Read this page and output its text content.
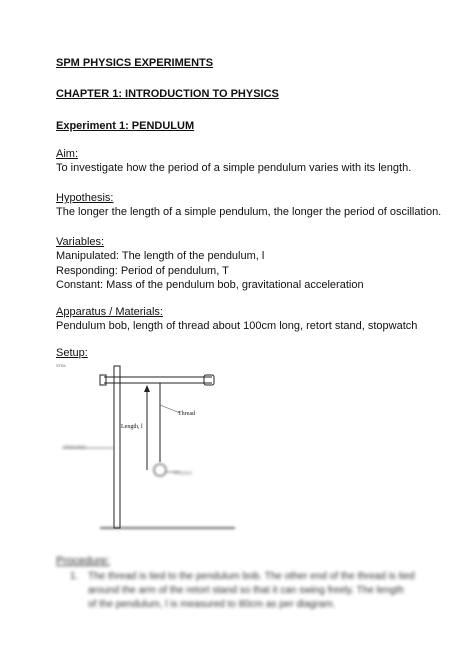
SPM PHYSICS EXPERIMENTS
CHAPTER 1: INTRODUCTION TO PHYSICS
Experiment 1: PENDULUM
Aim:
To investigate how the period of a simple pendulum varies with its length.
Hypothesis:
The longer the length of a simple pendulum, the longer the period of oscillation.
Variables:
Manipulated: The length of the pendulum, l
Responding: Period of pendulum, T
Constant: Mass of the pendulum bob, gravitational acceleration
Apparatus / Materials:
Pendulum bob, length of thread about 100cm long, retort stand, stopwatch
Setup:
STB1
Thread
Length, l
Retort stand
Pendulum
Procedure:
1. The thread is tied to the pendulum bob. The other end of the thread is tied
around the arm of the retort stand so that it can swing freely. The length
of the pendulum, l is measured to 80cm as per diagram.
